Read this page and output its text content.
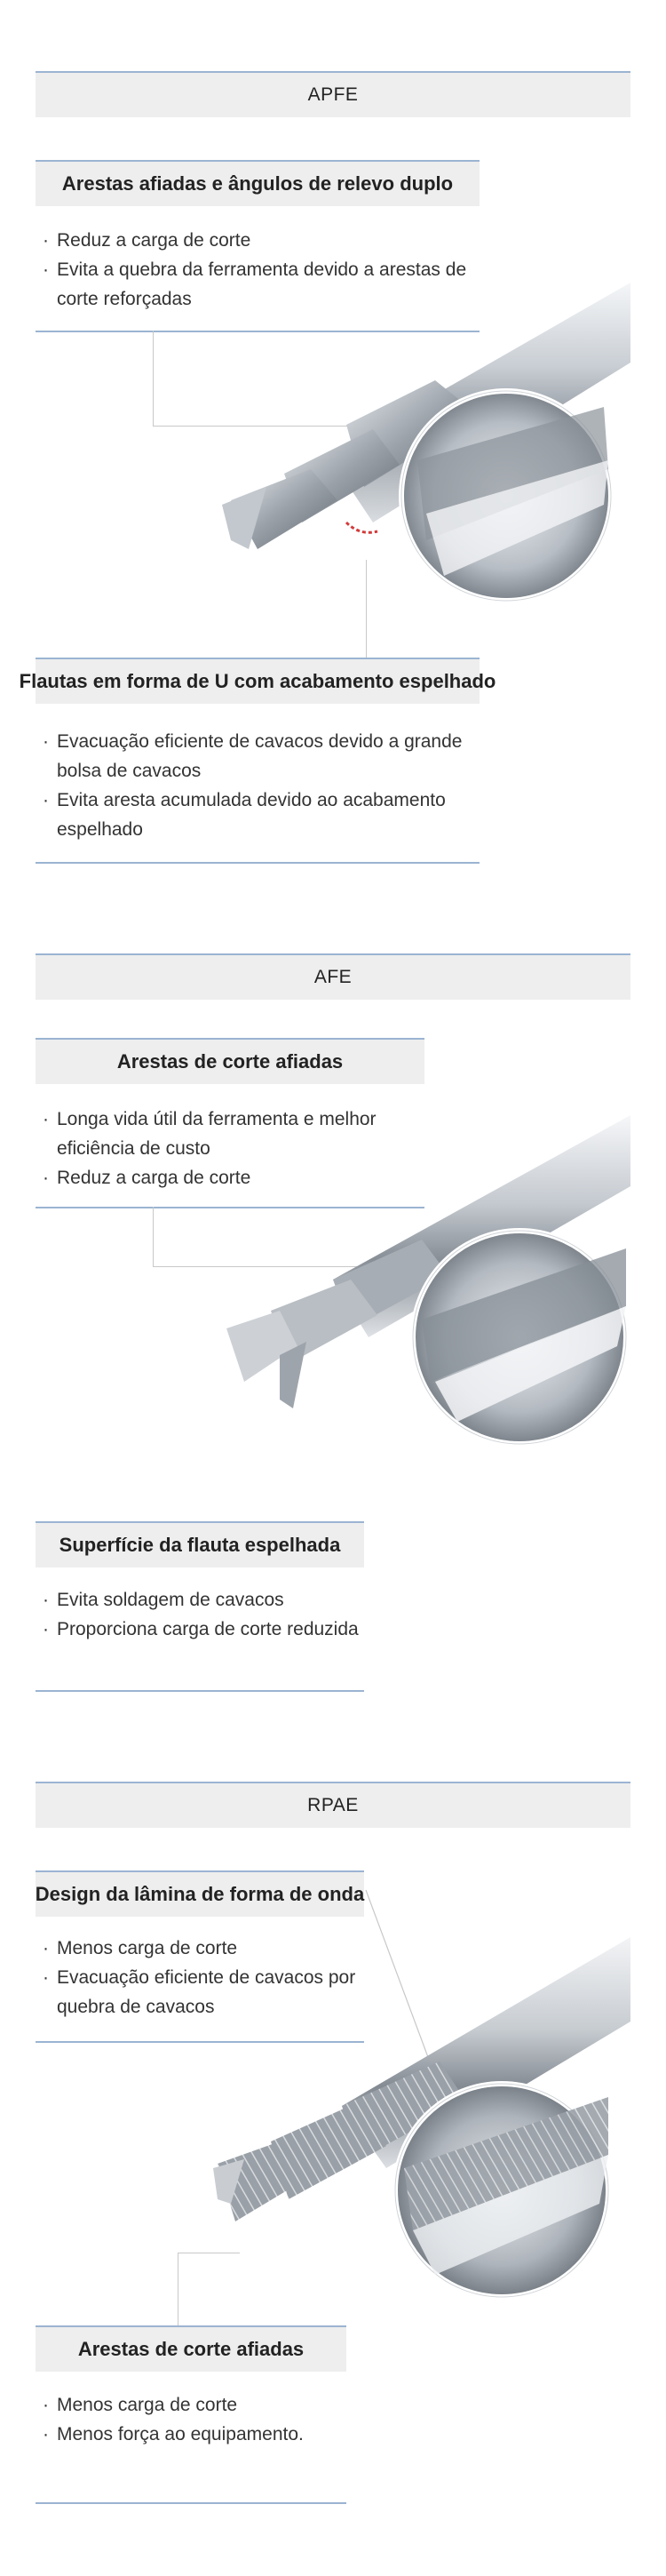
APFE
Arestas afiadas e ângulos de relevo duplo
· Reduz a carga de corte
· Evita a quebra da ferramenta devido a arestas de corte reforçadas
Flautas em forma de U com acabamento espelhado
· Evacuação eficiente de cavacos devido a grande bolsa de cavacos
· Evita aresta acumulada devido ao acabamento espelhado
AFE
Arestas de corte afiadas
· Longa vida útil da ferramenta e melhor eficiência de custo
· Reduz a carga de corte
Superfície da flauta espelhada
· Evita soldagem de cavacos
· Proporciona carga de corte reduzida
RPAE
Design da lâmina de forma de onda
· Menos carga de corte
· Evacuação eficiente de cavacos por quebra de cavacos
Arestas de corte afiadas
· Menos carga de corte
· Menos força ao equipamento.
